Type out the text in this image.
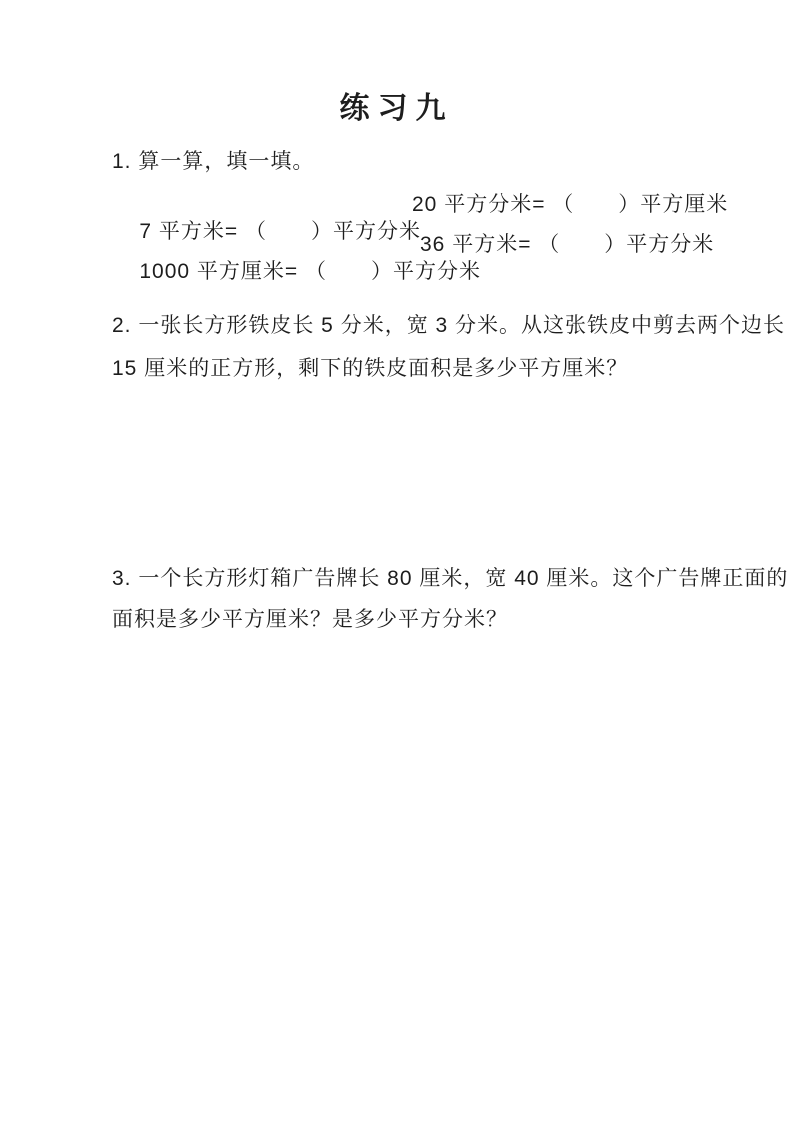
练习九
1. 算一算，填一填。

7 平方米= （　　）平方分米

20 平方分米= （　　）平方厘米

1000 平方厘米= （　　）平方分米

36 平方米= （　　）平方分米

2. 一张长方形铁皮长 5 分米，宽 3 分米。从这张铁皮中剪去两个边长
15 厘米的正方形，剩下的铁皮面积是多少平方厘米？
3. 一个长方形灯箱广告牌长 80 厘米，宽 40 厘米。这个广告牌正面的
面积是多少平方厘米？是多少平方分米？
